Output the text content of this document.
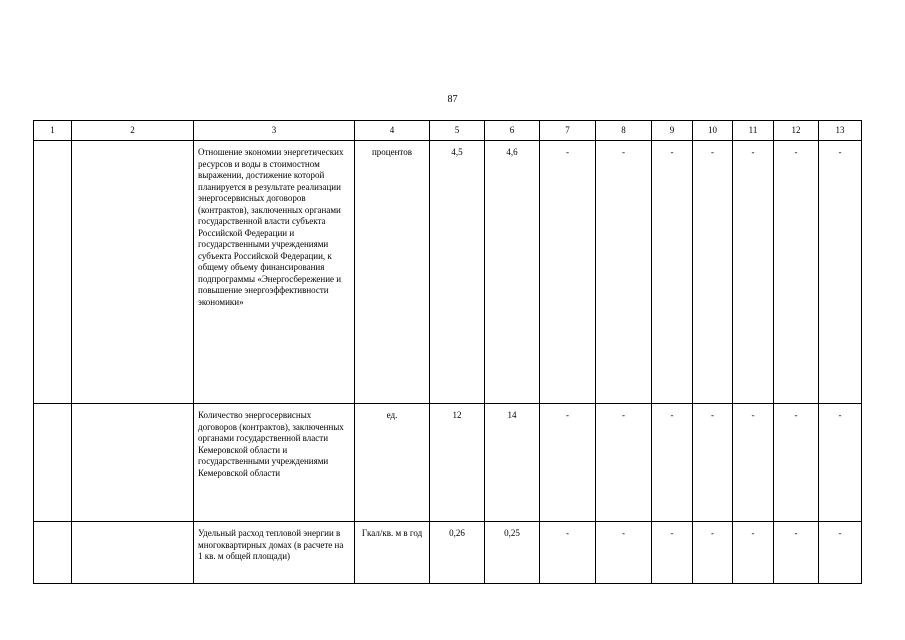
87
1	2	3	4	5	6	7	8	9	10	11	12	13
		Отношение экономии энергетических ресурсов и воды в стоимостном выражении, достижение которой планируется в результате реализации энергосервисных договоров (контрактов), заключенных органами государственной власти субъекта Российской Федерации и государственными учреждениями субъекта Российской Федерации, к общему объему финансирования подпрограммы «Энергосбережение и повышение энергоэффективности экономики»	процентов	4,5	4,6	-	-	-	-	-	-	-
		Количество энергосервисных договоров (контрактов), заключенных органами государственной власти Кемеровской области и государственными учреждениями Кемеровской области	ед.	12	14	-	-	-	-	-	-	-
		Удельный расход тепловой энергии в многоквартирных домах (в расчете на 1 кв. м общей площади)	Гкал/кв. м в год	0,26	0,25	-	-	-	-	-	-	-
